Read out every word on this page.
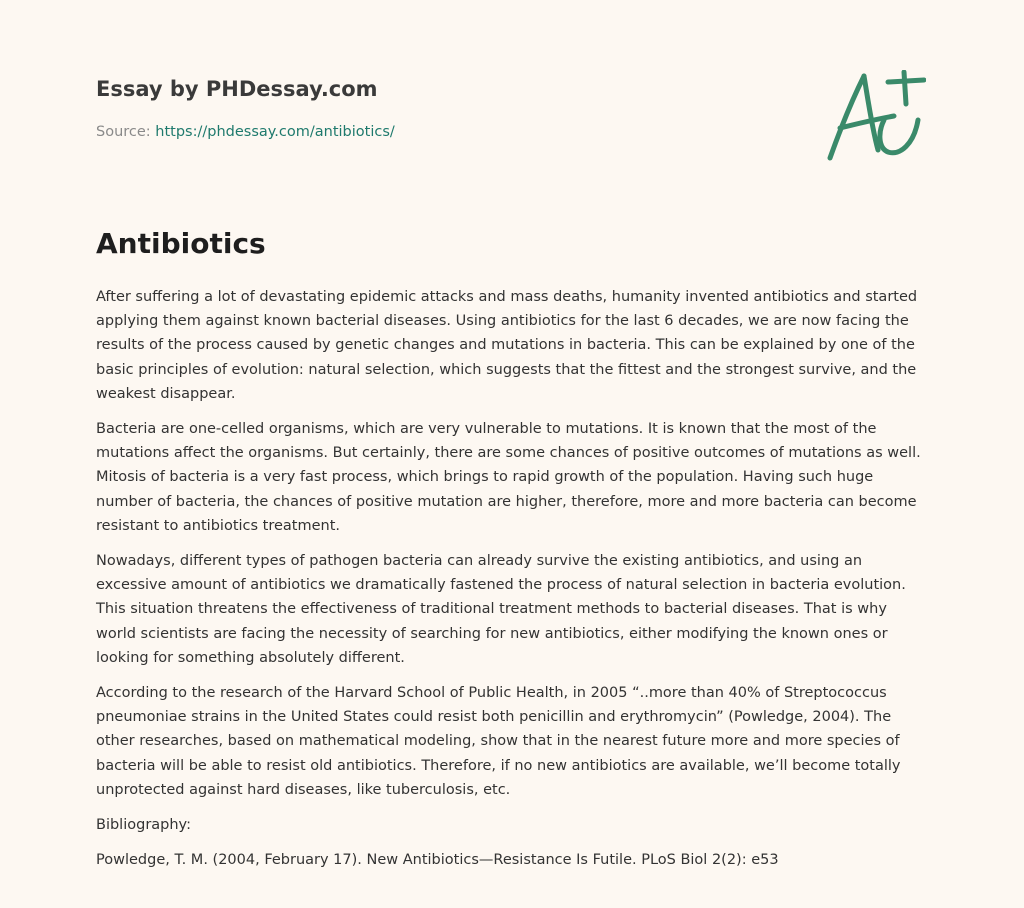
Essay by PHDessay.com

Source: https://phdessay.com/antibiotics/

Antibiotics

After suffering a lot of devastating epidemic attacks and mass deaths, humanity invented antibiotics and started applying them against known bacterial diseases. Using antibiotics for the last 6 decades, we are now facing the results of the process caused by genetic changes and mutations in bacteria. This can be explained by one of the basic principles of evolution: natural selection, which suggests that the fittest and the strongest survive, and the weakest disappear.

Bacteria are one-celled organisms, which are very vulnerable to mutations. It is known that the most of the mutations affect the organisms. But certainly, there are some chances of positive outcomes of mutations as well. Mitosis of bacteria is a very fast process, which brings to rapid growth of the population. Having such huge number of bacteria, the chances of positive mutation are higher, therefore, more and more bacteria can become resistant to antibiotics treatment.

Nowadays, different types of pathogen bacteria can already survive the existing antibiotics, and using an excessive amount of antibiotics we dramatically fastened the process of natural selection in bacteria evolution. This situation threatens the effectiveness of traditional treatment methods to bacterial diseases. That is why world scientists are facing the necessity of searching for new antibiotics, either modifying the known ones or looking for something absolutely different.

According to the research of the Harvard School of Public Health, in 2005 “..more than 40% of Streptococcus pneumoniae strains in the United States could resist both penicillin and erythromycin” (Powledge, 2004). The other researches, based on mathematical modeling, show that in the nearest future more and more species of bacteria will be able to resist old antibiotics. Therefore, if no new antibiotics are available, we’ll become totally unprotected against hard diseases, like tuberculosis, etc.

Bibliography:

Powledge, T. M. (2004, February 17). New Antibiotics—Resistance Is Futile. PLoS Biol 2(2): e53
